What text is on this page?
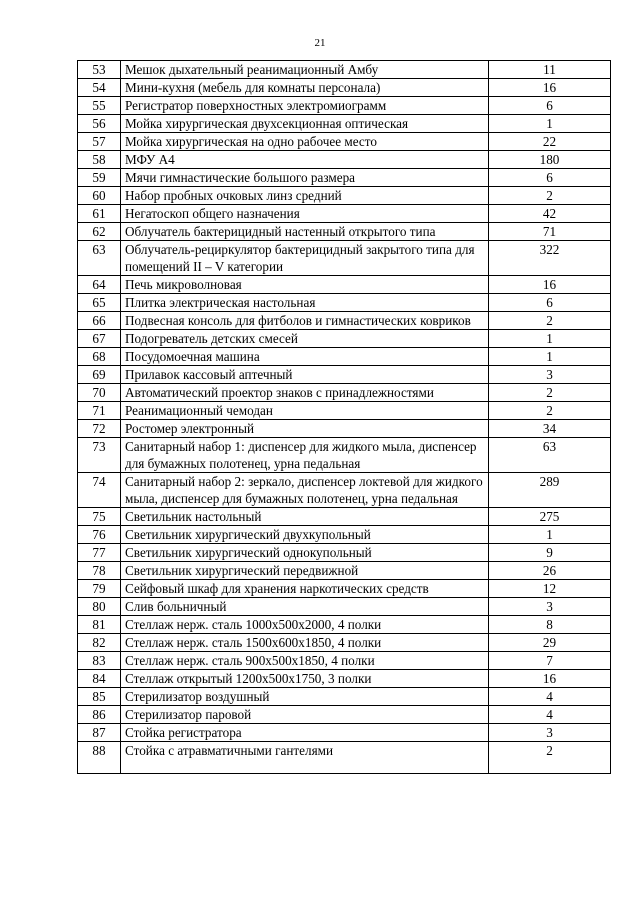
21
53	Мешок дыхательный реанимационный Амбу	11
54	Мини-кухня (мебель для комнаты персонала)	16
55	Регистратор поверхностных электромиограмм	6
56	Мойка хирургическая двухсекционная оптическая	1
57	Мойка хирургическая на одно рабочее место	22
58	МФУ А4	180
59	Мячи гимнастические большого размера	6
60	Набор пробных очковых линз средний	2
61	Негатоскоп общего назначения	42
62	Облучатель бактерицидный настенный открытого типа	71
63	Облучатель-рециркулятор бактерицидный закрытого типа для помещений II – V категории	322
64	Печь микроволновая	16
65	Плитка электрическая настольная	6
66	Подвесная консоль для фитболов и гимнастических ковриков	2
67	Подогреватель детских смесей	1
68	Посудомоечная машина	1
69	Прилавок кассовый аптечный	3
70	Автоматический проектор знаков с принадлежностями	2
71	Реанимационный чемодан	2
72	Ростомер электронный	34
73	Санитарный набор 1: диспенсер для жидкого мыла, диспенсер для бумажных полотенец, урна педальная	63
74	Санитарный набор 2: зеркало, диспенсер локтевой для жидкого мыла, диспенсер для бумажных полотенец, урна педальная	289
75	Светильник настольный	275
76	Светильник хирургический двухкупольный	1
77	Светильник хирургический однокупольный	9
78	Светильник хирургический передвижной	26
79	Сейфовый шкаф для хранения наркотических средств	12
80	Слив больничный	3
81	Стеллаж нерж. сталь 1000х500х2000, 4 полки	8
82	Стеллаж нерж. сталь 1500х600х1850, 4 полки	29
83	Стеллаж нерж. сталь 900х500х1850, 4 полки	7
84	Стеллаж открытый 1200х500х1750, 3 полки	16
85	Стерилизатор воздушный	4
86	Стерилизатор паровой	4
87	Стойка регистратора	3
88	Стойка с атравматичными гантелями	2
